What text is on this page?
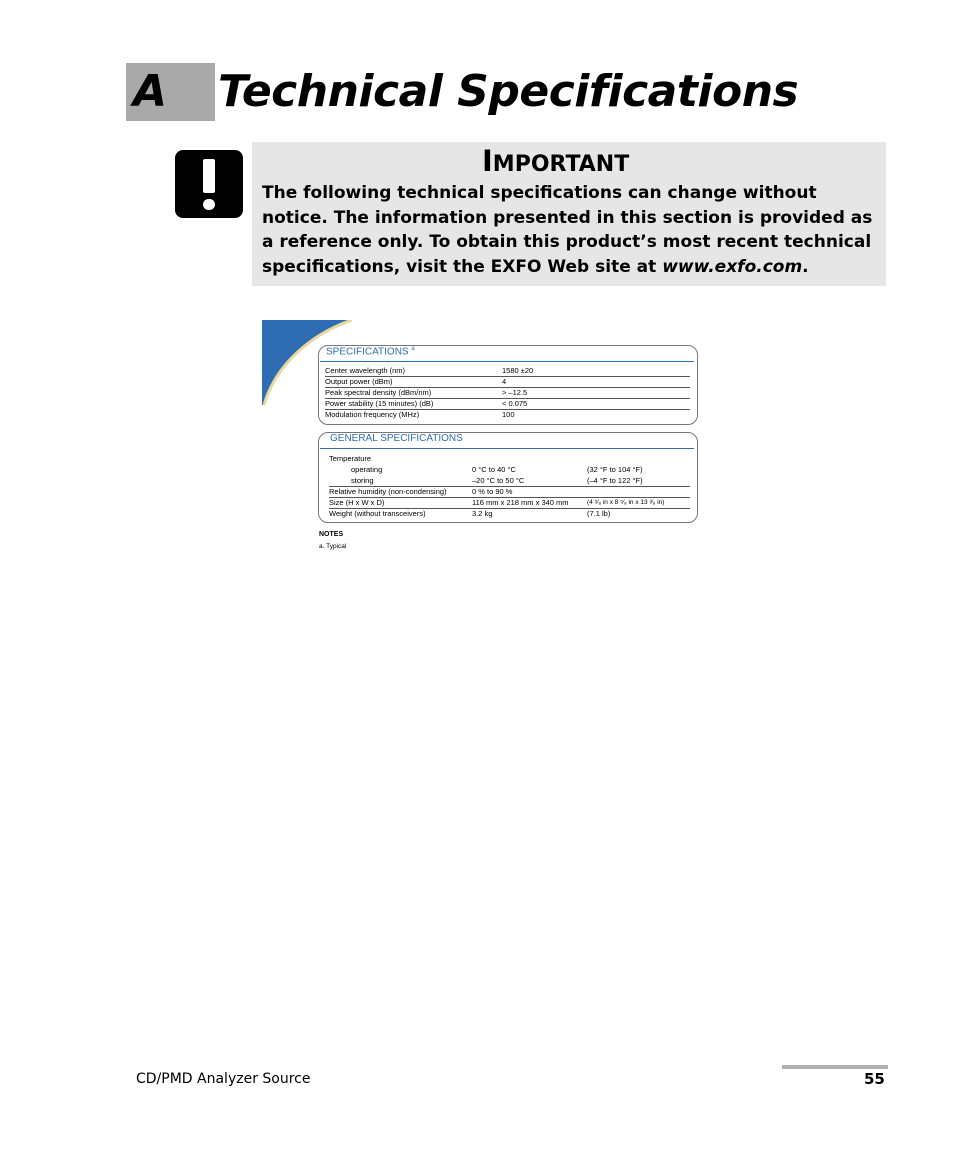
A Technical Specifications
IMPORTANT
The following technical specifications can change without notice. The information presented in this section is provided as a reference only. To obtain this product’s most recent technical specifications, visit the EXFO Web site at www.exfo.com.
SPECIFICATIONS $^a$
Center wavelength (nm)	1580 ±20
Output power (dBm)	4
Peak spectral density (dBm/nm)	> –12.5
Power stability (15 minutes) (dB)	< 0.075
Modulation frequency (MHz)	100
GENERAL SPECIFICATIONS
Temperature
operating	0 °C to 40 °C	(32 °F to 104 °F)
storing	–20 °C to 50 °C	(–4 °F to 122 °F)
Relative humidity (non-condensing)	0 % to 90 %
Size (H x W x D)	116 mm x 218 mm x 340 mm	(4 ⁵⁄₈ in x 8 ⁵⁄₈ in x 13 ³⁄₈ in)
Weight (without transceivers)	3.2 kg	(7.1 lb)
NOTES
a. Typical
CD/PMD Analyzer Source	55
